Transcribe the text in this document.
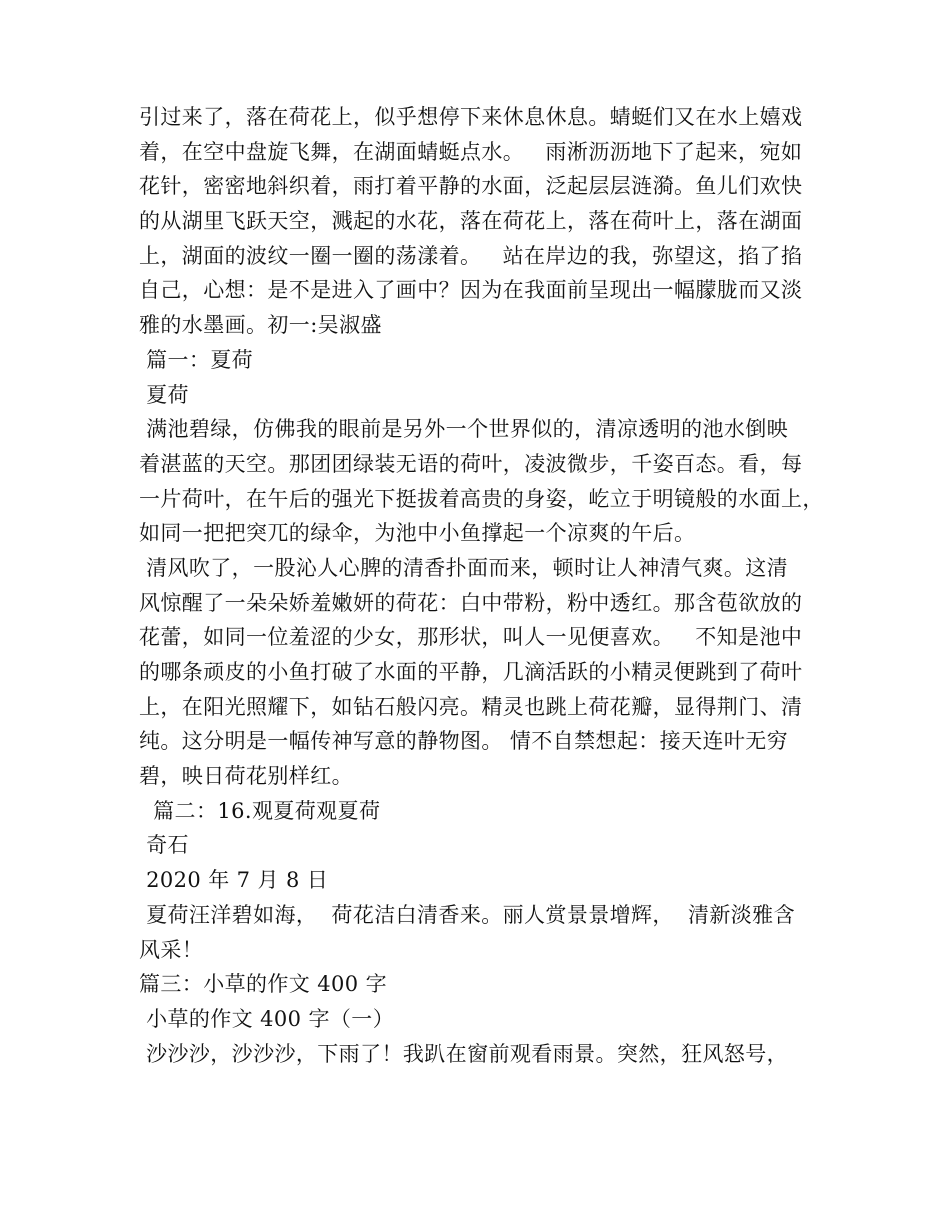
引过来了，落在荷花上，似乎想停下来休息休息。蜻蜓们又在水上嬉戏
着，在空中盘旋飞舞，在湖面蜻蜓点水。   雨淅沥沥地下了起来，宛如
花针，密密地斜织着，雨打着平静的水面，泛起层层涟漪。鱼儿们欢快
的从湖里飞跃天空，溅起的水花，落在荷花上，落在荷叶上，落在湖面
上，湖面的波纹一圈一圈的荡漾着。   站在岸边的我，弥望这，掐了掐
自己，心想：是不是进入了画中？因为在我面前呈现出一幅朦胧而又淡
雅的水墨画。初一:吴淑盛
篇一：夏荷
夏荷
满池碧绿，仿佛我的眼前是另外一个世界似的，清凉透明的池水倒映
着湛蓝的天空。那团团绿装无语的荷叶，凌波微步，千姿百态。看，每
一片荷叶，在午后的强光下挺拔着高贵的身姿，屹立于明镜般的水面上，
如同一把把突兀的绿伞，为池中小鱼撑起一个凉爽的午后。
清风吹了，一股沁人心脾的清香扑面而来，顿时让人神清气爽。这清
风惊醒了一朵朵娇羞嫩妍的荷花：白中带粉，粉中透红。那含苞欲放的
花蕾，如同一位羞涩的少女，那形状，叫人一见便喜欢。   不知是池中
的哪条顽皮的小鱼打破了水面的平静，几滴活跃的小精灵便跳到了荷叶
上，在阳光照耀下，如钻石般闪亮。精灵也跳上荷花瓣，显得荆门、清
纯。这分明是一幅传神写意的静物图。 情不自禁想起：接天连叶无穷
碧，映日荷花别样红。
篇二：16.观夏荷观夏荷
奇石
2020 年 7 月 8 日
夏荷汪洋碧如海，  荷花洁白清香来。丽人赏景景增辉，  清新淡雅含
风采！
篇三：小草的作文 400 字
小草的作文 400 字（一）
沙沙沙，沙沙沙，下雨了！我趴在窗前观看雨景。突然，狂风怒号，
